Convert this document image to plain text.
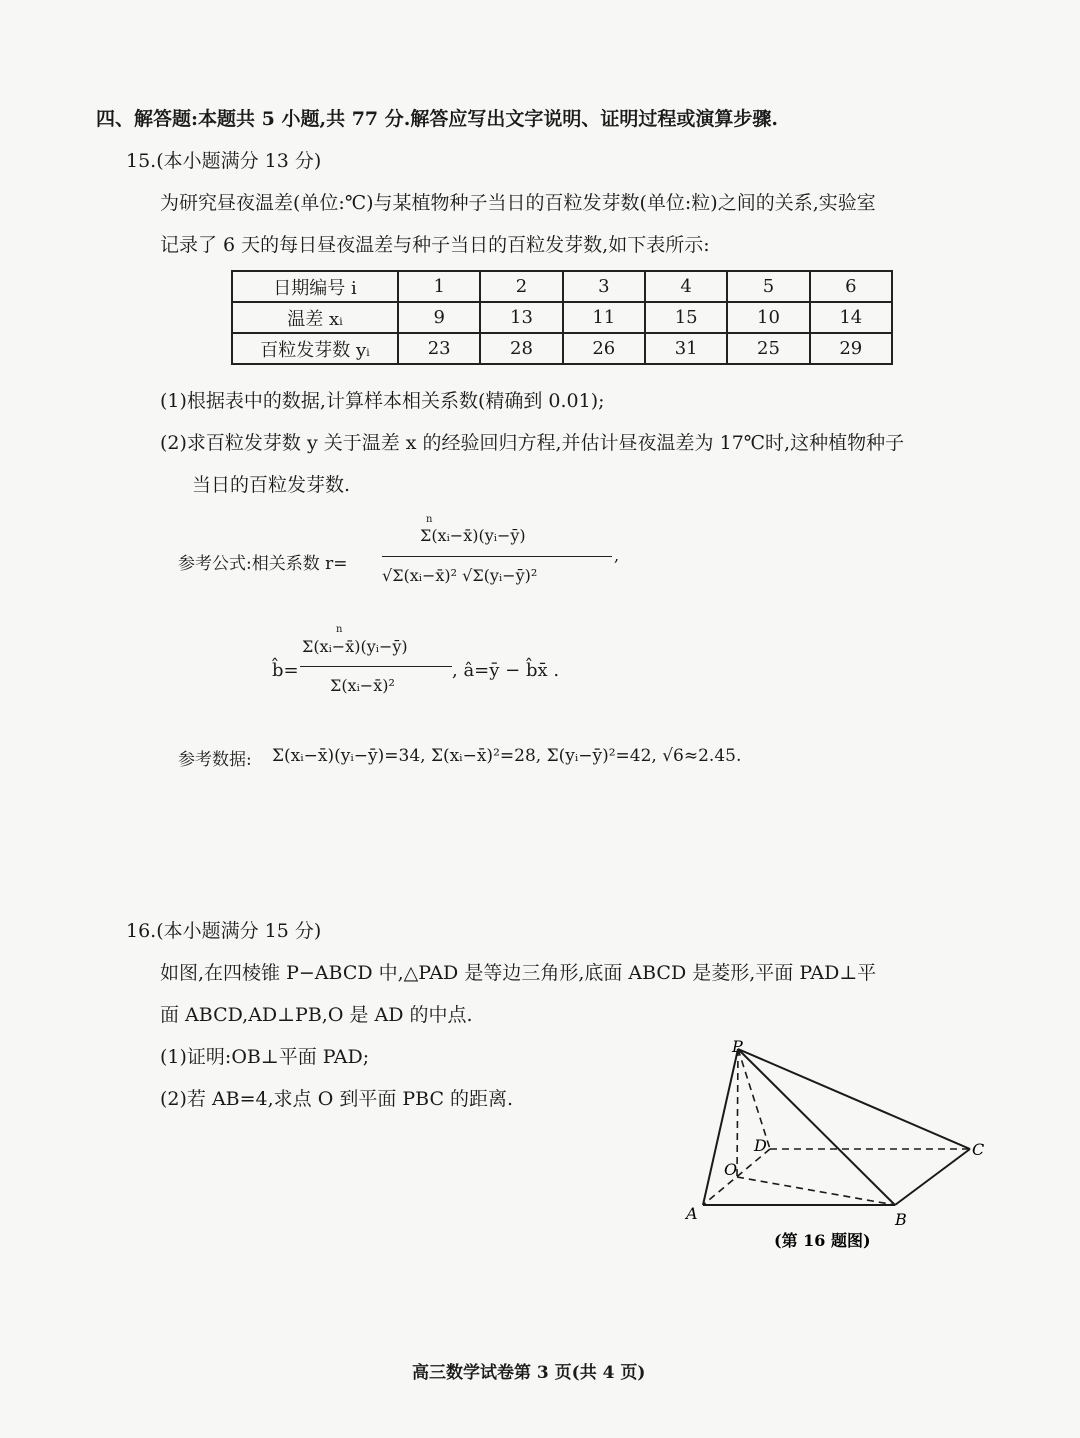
四、解答题:本题共 5 小题,共 77 分.解答应写出文字说明、证明过程或演算步骤.
15.(本小题满分 13 分)
为研究昼夜温差(单位:℃)与某植物种子当日的百粒发芽数(单位:粒)之间的关系,实验室
记录了 6 天的每日昼夜温差与种子当日的百粒发芽数,如下表所示:
日期编号 i	1	2	3	4	5	6
温差 xᵢ	9	13	11	15	10	14
百粒发芽数 yᵢ	23	28	26	31	25	29
(1)根据表中的数据,计算样本相关系数(精确到 0.01);
(2)求百粒发芽数 y 关于温差 x 的经验回归方程,并估计昼夜温差为 17℃时,这种植物种子
当日的百粒发芽数.
参考公式:相关系数 r=
n
Σ(xᵢ−x̄)(yᵢ−ȳ)
√Σ(xᵢ−x̄)² √Σ(yᵢ−ȳ)²
,
b̂=
n
Σ(xᵢ−x̄)(yᵢ−ȳ)
Σ(xᵢ−x̄)²
, â=ȳ − b̂x̄ .
参考数据: Σ(xᵢ−x̄)(yᵢ−ȳ)=34, Σ(xᵢ−x̄)²=28, Σ(yᵢ−ȳ)²=42, √6≈2.45.
16.(本小题满分 15 分)
如图,在四棱锥 P−ABCD 中,△PAD 是等边三角形,底面 ABCD 是菱形,平面 PAD⊥平
面 ABCD,AD⊥PB,O 是 AD 的中点.
(1)证明:OB⊥平面 PAD;
(2)若 AB=4,求点 O 到平面 PBC 的距离.
P
A	B
C
D
O
(第 16 题图)
高三数学试卷第 3 页(共 4 页)
